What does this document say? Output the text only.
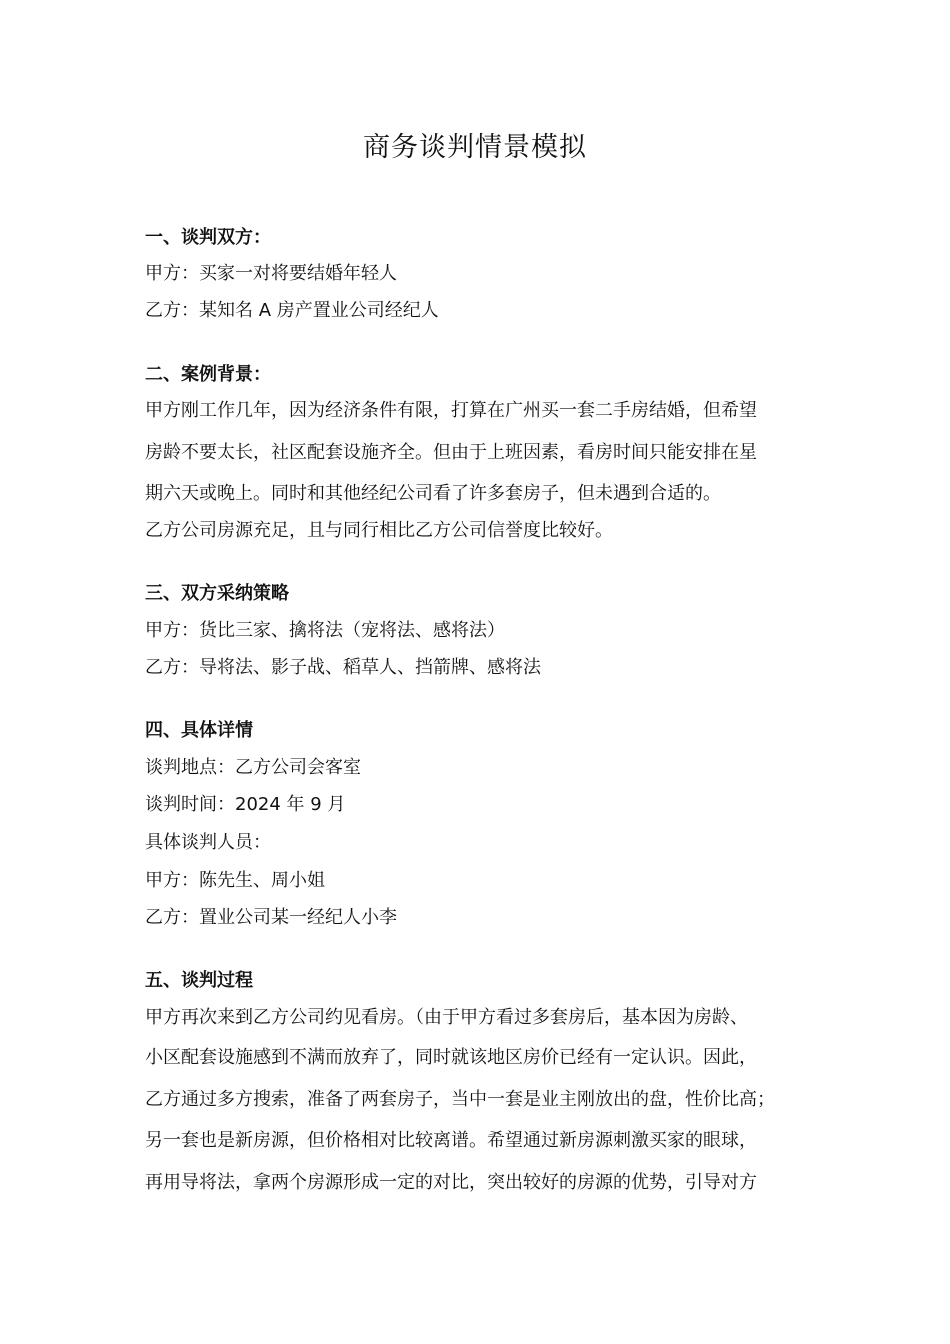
商务谈判情景模拟
一、谈判双方：
甲方：买家一对将要结婚年轻人
乙方：某知名 A 房产置业公司经纪人
二、案例背景：
甲方刚工作几年，因为经济条件有限，打算在广州买一套二手房结婚，但希望
房龄不要太长，社区配套设施齐全。但由于上班因素，看房时间只能安排在星
期六天或晚上。同时和其他经纪公司看了许多套房子，但未遇到合适的。
乙方公司房源充足，且与同行相比乙方公司信誉度比较好。
三、双方采纳策略
甲方：货比三家、擒将法（宠将法、感将法）
乙方：导将法、影子战、稻草人、挡箭牌、感将法
四、具体详情
谈判地点：乙方公司会客室
谈判时间：2024 年 9 月
具体谈判人员：
甲方：陈先生、周小姐
乙方：置业公司某一经纪人小李
五、谈判过程
甲方再次来到乙方公司约见看房。（由于甲方看过多套房后，基本因为房龄、
小区配套设施感到不满而放弃了，同时就该地区房价已经有一定认识。因此，
乙方通过多方搜索，准备了两套房子，当中一套是业主刚放出的盘，性价比高；
另一套也是新房源，但价格相对比较离谱。希望通过新房源刺激买家的眼球，
再用导将法，拿两个房源形成一定的对比，突出较好的房源的优势，引导对方
